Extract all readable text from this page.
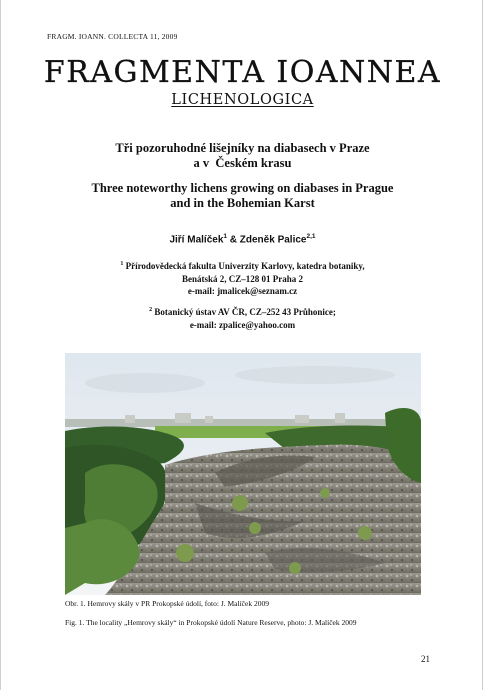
FRAGM. IOANN. COLLECTA 11, 2009
FRAGMENTA IOANNEA
LICHENOLOGICA
Tři pozoruhodné lišejníky na diabasech v Praze
a v  Českém krasu
Three noteworthy lichens growing on diabases in Prague
and in the Bohemian Karst
Jiří Malíček$^1$ & Zdeněk Palice$^{2,1}$
$^1$ Přírodovědecká fakulta Univerzity Karlovy, katedra botaniky,
Benátská 2, CZ–128 01 Praha 2
e-mail: jmalicek@seznam.cz
$^2$ Botanický ústav AV ČR, CZ–252 43 Průhonice;
e-mail: zpalice@yahoo.com
Obr. 1. Hemrovy skály v PR Prokopské údolí, foto: J. Malíček 2009
Fig. 1. The locality „Hemrovy skály“ in Prokopské údolí Nature Reserve, photo: J. Malíček 2009
21
